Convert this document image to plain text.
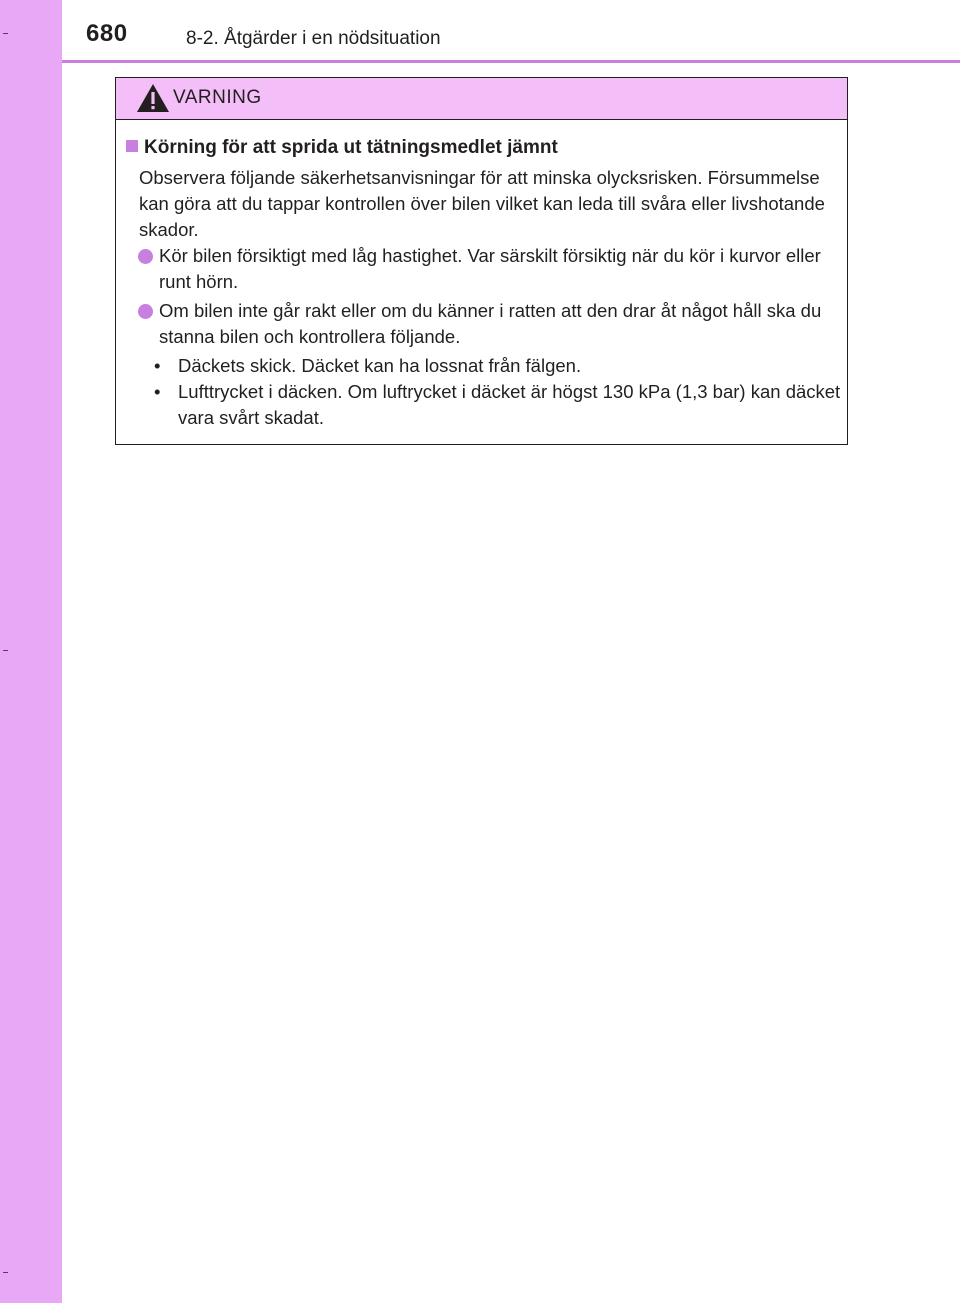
680	8-2. Åtgärder i en nödsituation
VARNING
Körning för att sprida ut tätningsmedlet jämnt
Observera följande säkerhetsanvisningar för att minska olycksrisken. Försummelse kan göra att du tappar kontrollen över bilen vilket kan leda till svåra eller livshotande skador.
Kör bilen försiktigt med låg hastighet. Var särskilt försiktig när du kör i kurvor eller runt hörn.
Om bilen inte går rakt eller om du känner i ratten att den drar åt något håll ska du stanna bilen och kontrollera följande.
• Däckets skick. Däcket kan ha lossnat från fälgen.
• Lufttrycket i däcken. Om luftrycket i däcket är högst 130 kPa (1,3 bar) kan däcket vara svårt skadat.
